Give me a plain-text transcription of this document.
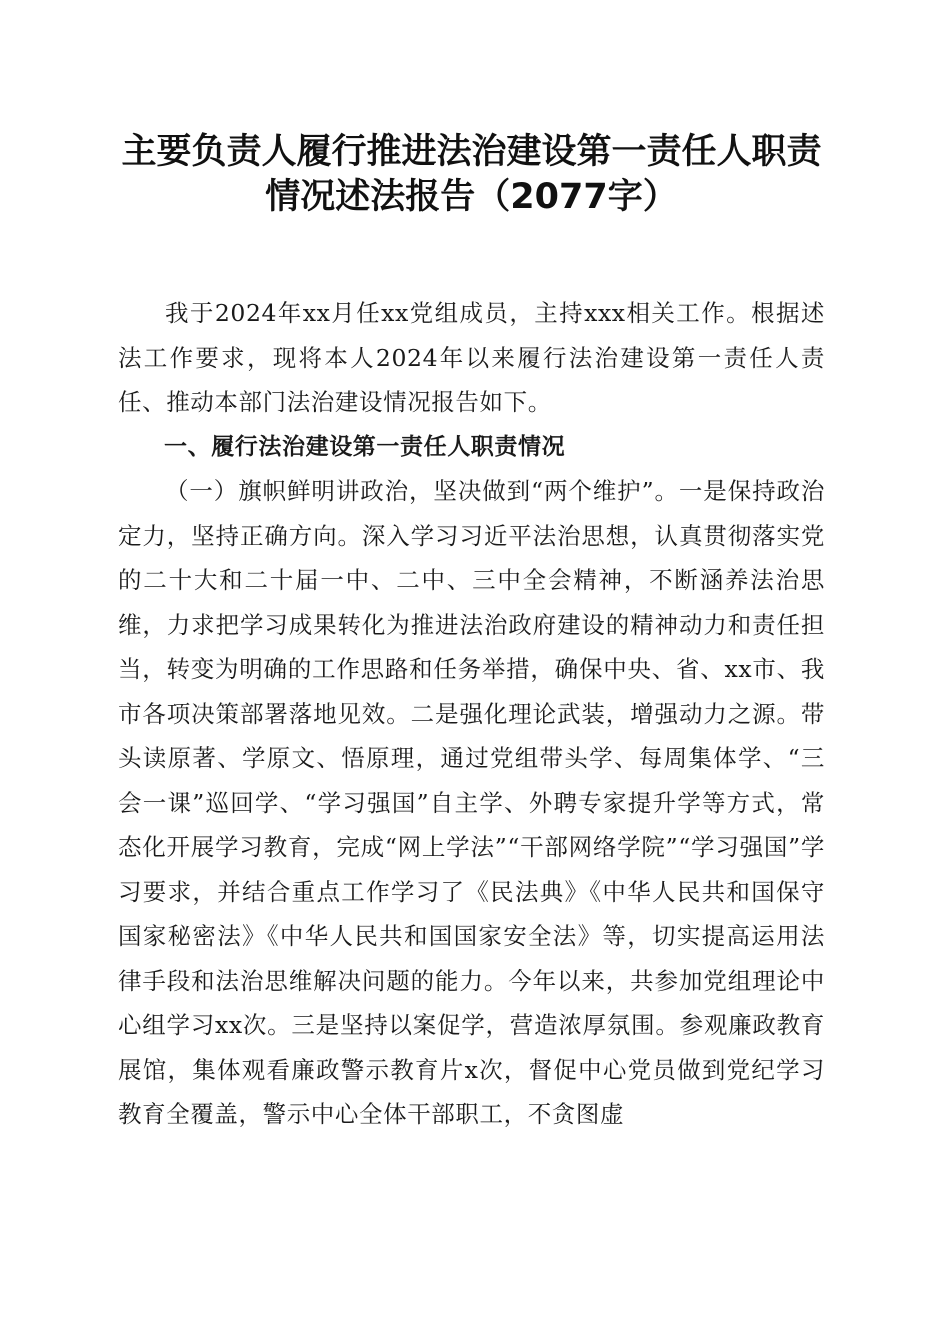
主要负责人履行推进法治建设第一责任人职责
情况述法报告（2077字）

我于2024年xx月任xx党组成员，主持xxx相关工作。根据述法工作要求，现将本人2024年以来履行法治建设第一责任人责任、推动本部门法治建设情况报告如下。

一、履行法治建设第一责任人职责情况

（一）旗帜鲜明讲政治，坚决做到“两个维护”。一是保持政治定力，坚持正确方向。深入学习习近平法治思想，认真贯彻落实党的二十大和二十届一中、二中、三中全会精神，不断涵养法治思维，力求把学习成果转化为推进法治政府建设的精神动力和责任担当，转变为明确的工作思路和任务举措，确保中央、省、xx市、我市各项决策部署落地见效。二是强化理论武装，增强动力之源。带头读原著、学原文、悟原理，通过党组带头学、每周集体学、“三会一课”巡回学、“学习强国”自主学、外聘专家提升学等方式，常态化开展学习教育，完成“网上学法”“干部网络学院”“学习强国”学习要求，并结合重点工作学习了《民法典》《中华人民共和国保守国家秘密法》《中华人民共和国国家安全法》等，切实提高运用法律手段和法治思维解决问题的能力。今年以来，共参加党组理论中心组学习xx次。三是坚持以案促学，营造浓厚氛围。参观廉政教育展馆，集体观看廉政警示教育片x次，督促中心党员做到党纪学习教育全覆盖，警示中心全体干部职工，不贪图虚
